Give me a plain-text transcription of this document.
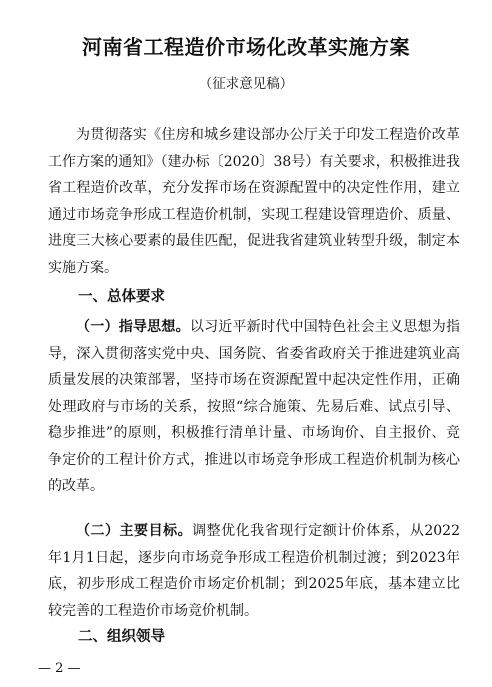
河南省工程造价市场化改革实施方案
（征求意见稿）

为贯彻落实《住房和城乡建设部办公厅关于印发工程造价改革工作方案的通知》（建办标〔2020〕38号）有关要求，积极推进我省工程造价改革，充分发挥市场在资源配置中的决定性作用，建立通过市场竞争形成工程造价机制，实现工程建设管理造价、质量、进度三大核心要素的最佳匹配，促进我省建筑业转型升级，制定本实施方案。

一、总体要求

（一）指导思想。以习近平新时代中国特色社会主义思想为指导，深入贯彻落实党中央、国务院、省委省政府关于推进建筑业高质量发展的决策部署，坚持市场在资源配置中起决定性作用，正确处理政府与市场的关系，按照“综合施策、先易后难、试点引导、稳步推进”的原则，积极推行清单计量、市场询价、自主报价、竞争定价的工程计价方式，推进以市场竞争形成工程造价机制为核心的改革。

（二）主要目标。调整优化我省现行定额计价体系，从2022年1月1日起，逐步向市场竞争形成工程造价机制过渡；到2023年底，初步形成工程造价市场定价机制；到2025年底，基本建立比较完善的工程造价市场竞价机制。

二、组织领导

— 2 —
